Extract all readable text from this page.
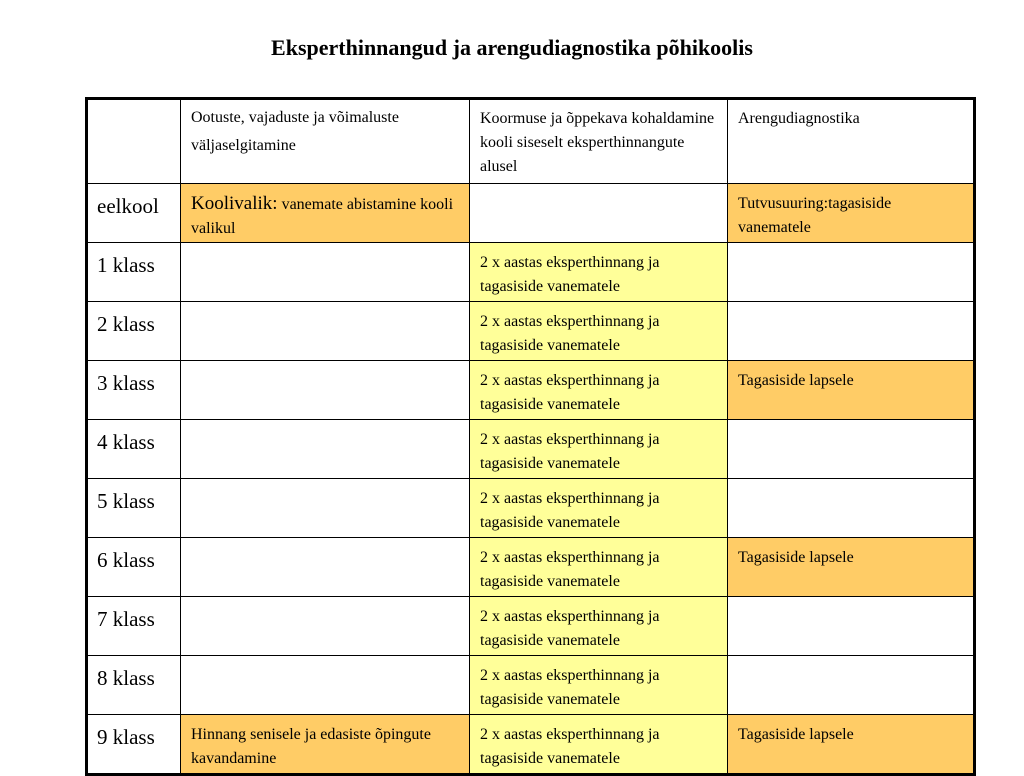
Eksperthinnangud ja arengudiagnostika põhikoolis
	Ootuste, vajaduste ja võimaluste väljaselgitamine	Koormuse ja õppekava kohaldamine kooli siseselt eksperthinnangute alusel	Arengudiagnostika
eelkool	Koolivalik: vanemate abistamine kooli valikul		Tutvusuuring:tagasiside vanematele
1 klass		2 x aastas eksperthinnang ja tagasiside vanematele	
2 klass		2 x aastas eksperthinnang ja tagasiside vanematele	
3 klass		2 x aastas eksperthinnang ja tagasiside vanematele	Tagasiside lapsele
4 klass		2 x aastas eksperthinnang ja tagasiside vanematele	
5 klass		2 x aastas eksperthinnang ja tagasiside vanematele	
6 klass		2 x aastas eksperthinnang ja tagasiside vanematele	Tagasiside lapsele
7 klass		2 x aastas eksperthinnang ja tagasiside vanematele	
8 klass		2 x aastas eksperthinnang ja tagasiside vanematele	
9 klass	Hinnang senisele ja edasiste õpingute kavandamine	2 x aastas eksperthinnang ja tagasiside vanematele	Tagasiside lapsele
